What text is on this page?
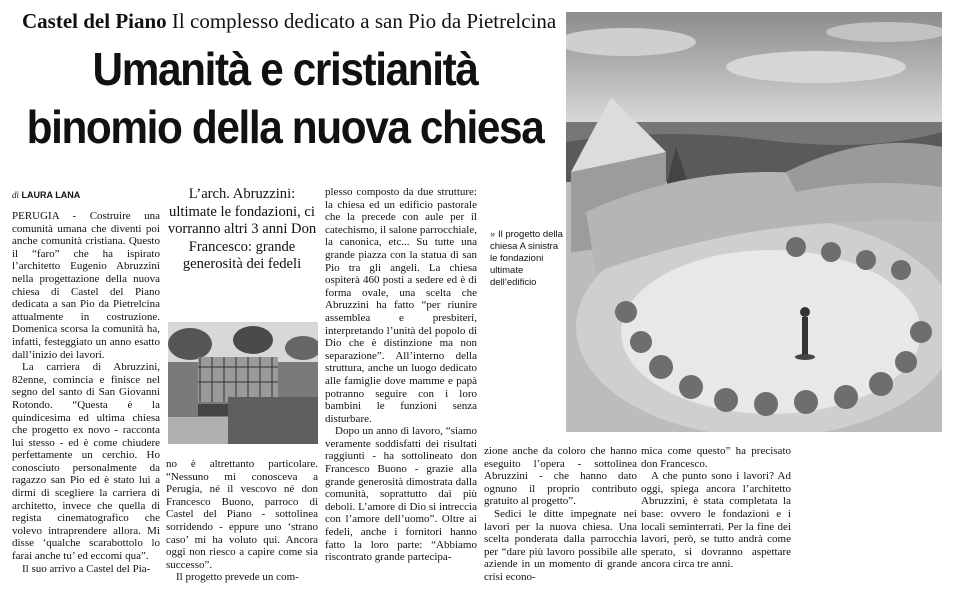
Castel del Piano Il complesso dedicato a san Pio da Pietrelcina
Umanità e cristianità
binomio della nuova chiesa
di LAURA LANA

PERUGIA - Costruire una comunità umana che diventi poi anche comunità cristiana. Questo il “faro” che ha ispirato l’architetto Eugenio Abruzzini nella progettazione della nuova chiesa di Castel del Piano dedicata a san Pio da Pietrelcina attualmente in costruzione. Domenica scorsa la comunità ha, infatti, festeggiato un anno esatto dall’inizio dei lavori.

La carriera di Abruzzini, 82enne, comincia e finisce nel segno del santo di San Giovanni Rotondo. “Questa è la quindicesima ed ultima chiesa che progetto ex novo - racconta lui stesso - ed è come chiudere perfettamente un cerchio. Ho conosciuto personalmente da ragazzo san Pio ed è stato lui a dirmi di scegliere la carriera di architetto, invece che quella di regista cinematografico che volevo intraprendere allora. Mi disse ‘qualche scarabottolo lo farai anche tu’ ed eccomi qua”.

Il suo arrivo a Castel del Pia-

L’arch. Abruzzini: ultimate le fondazioni, ci vorranno altri 3 anni Don Francesco: grande generosità dei fedeli

no è altrettanto particolare. “Nessuno mi conosceva a Perugia, né il vescovo né don Francesco Buono, parroco di Castel del Piano - sottolinea sorridendo - eppure uno ‘strano caso’ mi ha voluto qui. Ancora oggi non riesco a capire come sia successo”.

Il progetto prevede un com-

plesso composto da due strutture: la chiesa ed un edificio pastorale che la precede con aule per il catechismo, il salone parrocchiale, la canonica, etc... Su tutte una grande piazza con la statua di san Pio tra gli angeli. La chiesa ospiterà 460 posti a sedere ed è di forma ovale, una scelta che Abruzzini ha fatto “per riunire assemblea e presbiteri, interpretando l’unità del popolo di Dio che è distinzione ma non separazione”. All’interno della struttura, anche un luogo dedicato alle famiglie dove mamme e papà potranno seguire con i loro bambini le funzioni senza disturbare.

Dopo un anno di lavoro, “siamo veramente soddisfatti dei risultati raggiunti - ha sottolineato don Francesco Buono - grazie alla grande generosità dimostrata dalla comunità, soprattutto dai più deboli. L’amore di Dio si intreccia con l’amore dell’uomo”. Oltre ai fedeli, anche i fornitori hanno fatto la loro parte: “Abbiamo riscontrato grande partecipa-

» Il progetto della chiesa A sinistra le fondazioni ultimate dell’edificio

zione anche da coloro che hanno eseguito l’opera - sottolinea Abruzzini - che hanno dato ognuno il proprio contributo gratuito al progetto”.

Sedici le ditte impegnate nei lavori per la nuova chiesa. Una scelta ponderata dalla parrocchia per “dare più lavoro possibile alle aziende in un momento di grande crisi econo-

mica come questo” ha precisato don Francesco.

A che punto sono i lavori? Ad oggi, spiega ancora l’architetto Abruzzini, è stata completata la base: ovvero le fondazioni e i locali seminterrati. Per la fine dei lavori, però, se tutto andrà come sperato, si dovranno aspettare ancora circa tre anni.
